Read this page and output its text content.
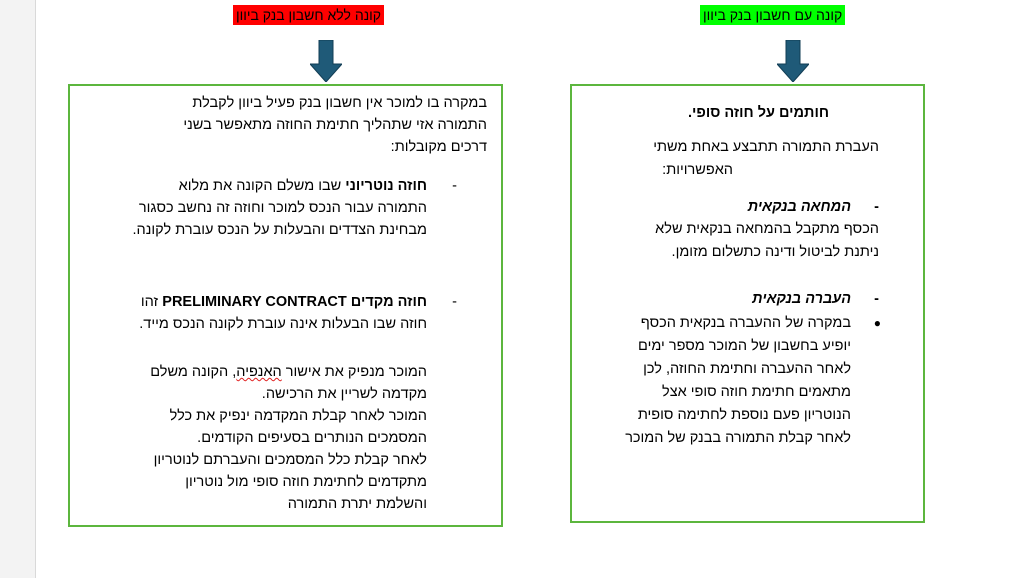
קונה ללא חשבון בנק ביוון	קונה עם חשבון בנק ביוון
במקרה בו למוכר אין חשבון בנק פעיל ביוון לקבלת
התמורה אזי שתהליך חתימת החוזה מתאפשר בשני
דרכים מקובלות:
-
חוזה נוטריוני שבו משלם הקונה את מלוא
התמורה עבור הנכס למוכר וחוזה זה נחשב כסגור
מבחינת הצדדים והבעלות על הנכס עוברת לקונה.
-
חוזה מקדים PRELIMINARY CONTRACT זהו
חוזה שבו הבעלות אינה עוברת לקונה הנכס מייד.
המוכר מנפיק את אישור האנפיה, הקונה משלם
מקדמה לשריין את הרכישה.
המוכר לאחר קבלת המקדמה ינפיק את כלל
המסמכים הנותרים בסעיפים הקודמים.
לאחר קבלת כלל המסמכים והעברתם לנוטריון
מתקדמים לחתימת חוזה סופי מול נוטריון
והשלמת יתרת התמורה
חותמים על חוזה סופי.
העברת התמורה תתבצע באחת משתי
האפשרויות:
-
המחאה בנקאית
הכסף מתקבל בהמחאה בנקאית שלא
ניתנת לביטול ודינה כתשלום מזומן.
-
העברה בנקאית
●
במקרה של ההעברה בנקאית הכסף
יופיע בחשבון של המוכר מספר ימים
לאחר ההעברה וחתימת החוזה, לכן
מתאמים חתימת חוזה סופי אצל
הנוטריון פעם נוספת לחתימה סופית
לאחר קבלת התמורה בבנק של המוכר
